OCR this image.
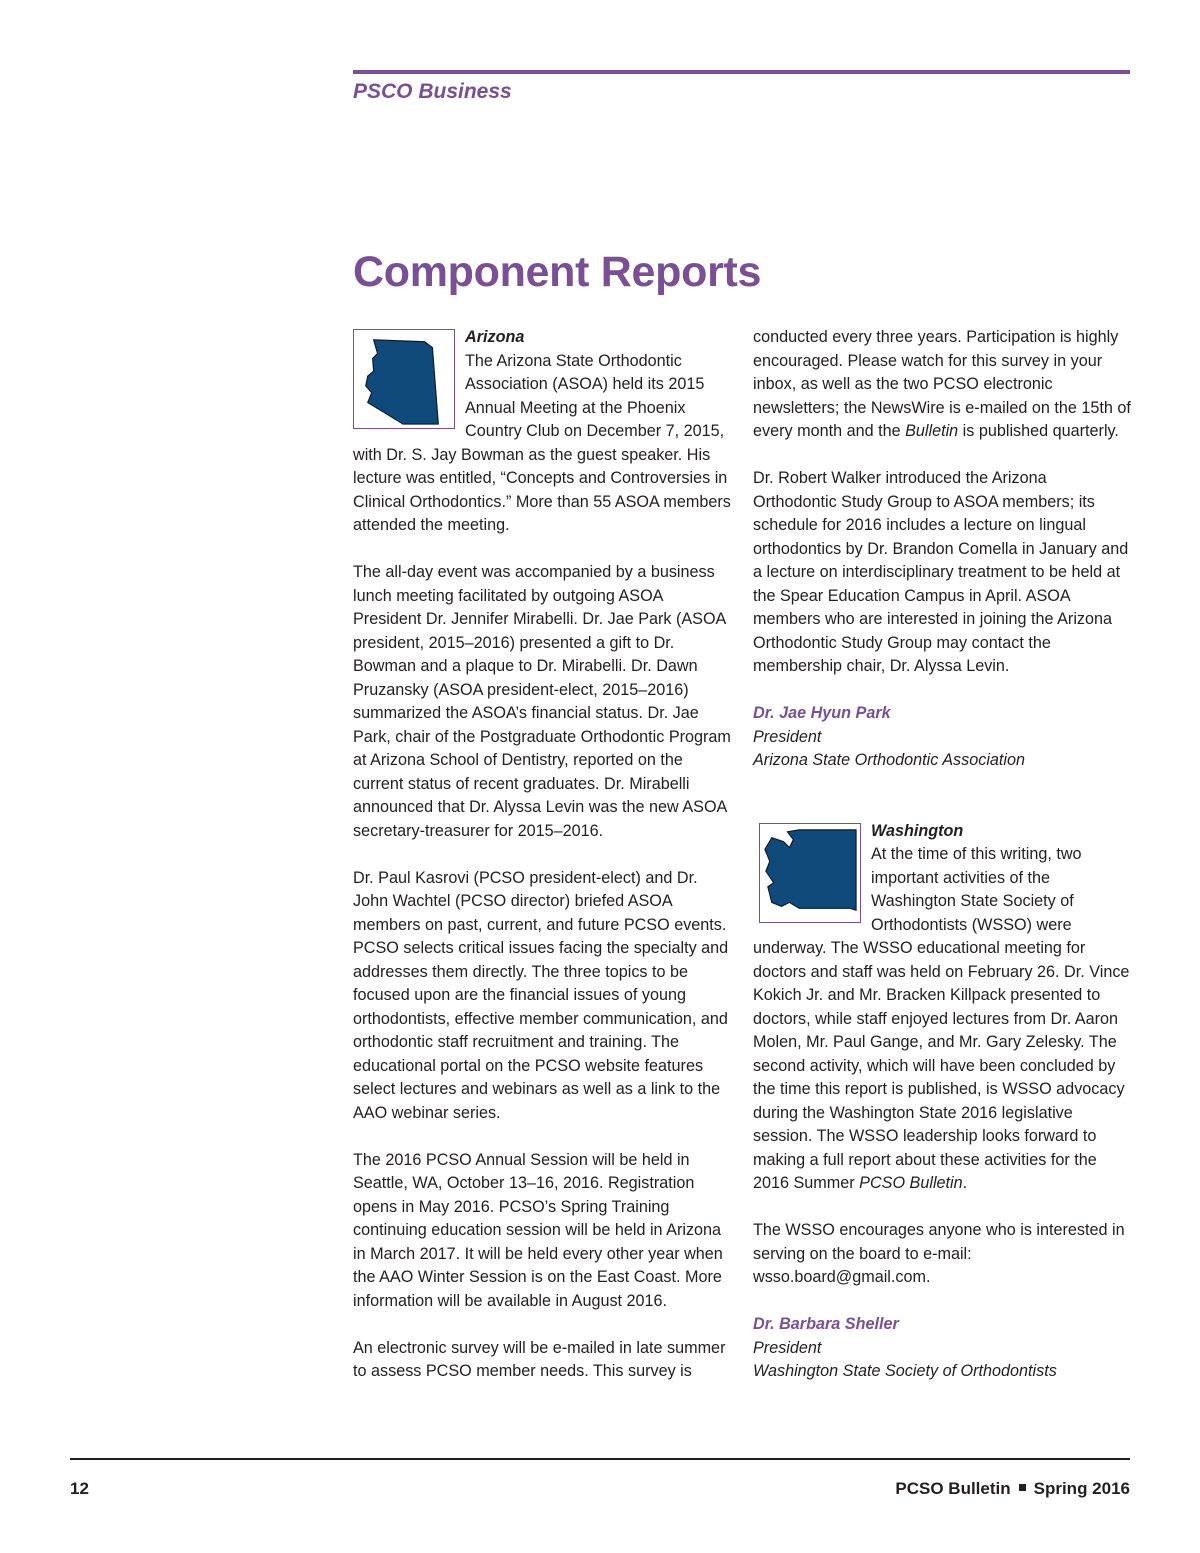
PSCO Business
Component Reports
Arizona

The Arizona State Orthodontic Association (ASOA) held its 2015 Annual Meeting at the Phoenix Country Club on December 7, 2015, with Dr. S. Jay Bowman as the guest speaker. His lecture was entitled, “Concepts and Controversies in Clinical Orthodontics.” More than 55 ASOA members attended the meeting.

The all-day event was accompanied by a business lunch meeting facilitated by outgoing ASOA President Dr. Jennifer Mirabelli. Dr. Jae Park (ASOA president, 2015–2016) presented a gift to Dr. Bowman and a plaque to Dr. Mirabelli. Dr. Dawn Pruzansky (ASOA president-elect, 2015–2016) summarized the ASOA’s financial status. Dr. Jae Park, chair of the Postgraduate Orthodontic Program at Arizona School of Dentistry, reported on the current status of recent graduates. Dr. Mirabelli announced that Dr. Alyssa Levin was the new ASOA secretary-treasurer for 2015–2016.

Dr. Paul Kasrovi (PCSO president-elect) and Dr. John Wachtel (PCSO director) briefed ASOA members on past, current, and future PCSO events. PCSO selects critical issues facing the specialty and addresses them directly. The three topics to be focused upon are the financial issues of young orthodontists, effective member communication, and orthodontic staff recruitment and training. The educational portal on the PCSO website features select lectures and webinars as well as a link to the AAO webinar series.

The 2016 PCSO Annual Session will be held in Seattle, WA, October 13–16, 2016. Registration opens in May 2016. PCSO’s Spring Training continuing education session will be held in Arizona in March 2017. It will be held every other year when the AAO Winter Session is on the East Coast. More information will be available in August 2016.

An electronic survey will be e-mailed in late summer to assess PCSO member needs. This survey is

conducted every three years. Participation is highly encouraged. Please watch for this survey in your inbox, as well as the two PCSO electronic newsletters; the NewsWire is e-mailed on the 15th of every month and the Bulletin is published quarterly.

Dr. Robert Walker introduced the Arizona Orthodontic Study Group to ASOA members; its schedule for 2016 includes a lecture on lingual orthodontics by Dr. Brandon Comella in January and a lecture on interdisciplinary treatment to be held at the Spear Education Campus in April. ASOA members who are interested in joining the Arizona Orthodontic Study Group may contact the membership chair, Dr. Alyssa Levin.

Dr. Jae Hyun Park
President
Arizona State Orthodontic Association
Washington

At the time of this writing, two important activities of the Washington State Society of Orthodontists (WSSO) were underway. The WSSO educational meeting for doctors and staff was held on February 26. Dr. Vince Kokich Jr. and Mr. Bracken Killpack presented to doctors, while staff enjoyed lectures from Dr. Aaron Molen, Mr. Paul Gange, and Mr. Gary Zelesky. The second activity, which will have been concluded by the time this report is published, is WSSO advocacy during the Washington State 2016 legislative session. The WSSO leadership looks forward to making a full report about these activities for the 2016 Summer PCSO Bulletin.

The WSSO encourages anyone who is interested in serving on the board to e-mail: wsso.board@gmail.com.

Dr. Barbara Sheller
President
Washington State Society of Orthodontists
12	PCSO Bulletin Spring 2016
